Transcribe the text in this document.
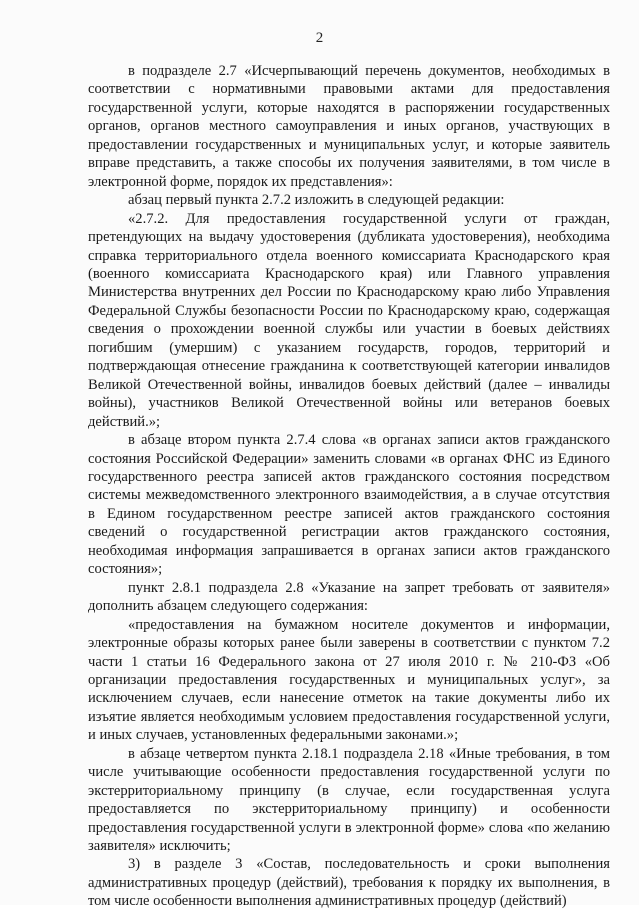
2

в подразделе 2.7 «Исчерпывающий перечень документов, необходимых в соответствии с нормативными правовыми актами для предоставления государственной услуги, которые находятся в распоряжении государственных органов, органов местного самоуправления и иных органов, участвующих в предоставлении государственных и муниципальных услуг, и которые заявитель вправе представить, а также способы их получения заявителями, в том числе в электронной форме, порядок их представления»:

абзац первый пункта 2.7.2 изложить в следующей редакции:

«2.7.2. Для предоставления государственной услуги от граждан, претендующих на выдачу удостоверения (дубликата удостоверения), необходима справка территориального отдела военного комиссариата Краснодарского края (военного комиссариата Краснодарского края) или Главного управления Министерства внутренних дел России по Краснодарскому краю либо Управления Федеральной Службы безопасности России по Краснодарскому краю, содержащая сведения о прохождении военной службы или участии в боевых действиях погибшим (умершим) с указанием государств, городов, территорий и подтверждающая отнесение гражданина к соответствующей категории инвалидов Великой Отечественной войны, инвалидов боевых действий (далее – инвалиды войны), участников Великой Отечественной войны или ветеранов боевых действий.»;

в абзаце втором пункта 2.7.4 слова «в органах записи актов гражданского состояния Российской Федерации» заменить словами «в органах ФНС из Единого государственного реестра записей актов гражданского состояния посредством системы межведомственного электронного взаимодействия, а в случае отсутствия в Едином государственном реестре записей актов гражданского состояния сведений о государственной регистрации актов гражданского состояния, необходимая информация запрашивается в органах записи актов гражданского состояния»;

пункт 2.8.1 подраздела 2.8 «Указание на запрет требовать от заявителя» дополнить абзацем следующего содержания:

«предоставления на бумажном носителе документов и информации, электронные образы которых ранее были заверены в соответствии с пунктом 7.2 части 1 статьи 16 Федерального закона от 27 июля 2010 г. № 210-ФЗ «Об организации предоставления государственных и муниципальных услуг», за исключением случаев, если нанесение отметок на такие документы либо их изъятие является необходимым условием предоставления государственной услуги, и иных случаев, установленных федеральными законами.»;

в абзаце четвертом пункта 2.18.1 подраздела 2.18 «Иные требования, в том числе учитывающие особенности предоставления государственной услуги по экстерриториальному принципу (в случае, если государственная услуга предоставляется по экстерриториальному принципу) и особенности предоставления государственной услуги в электронной форме» слова «по желанию заявителя» исключить;

3) в разделе 3 «Состав, последовательность и сроки выполнения административных процедур (действий), требования к порядку их выполнения, в том числе особенности выполнения административных процедур (действий)
